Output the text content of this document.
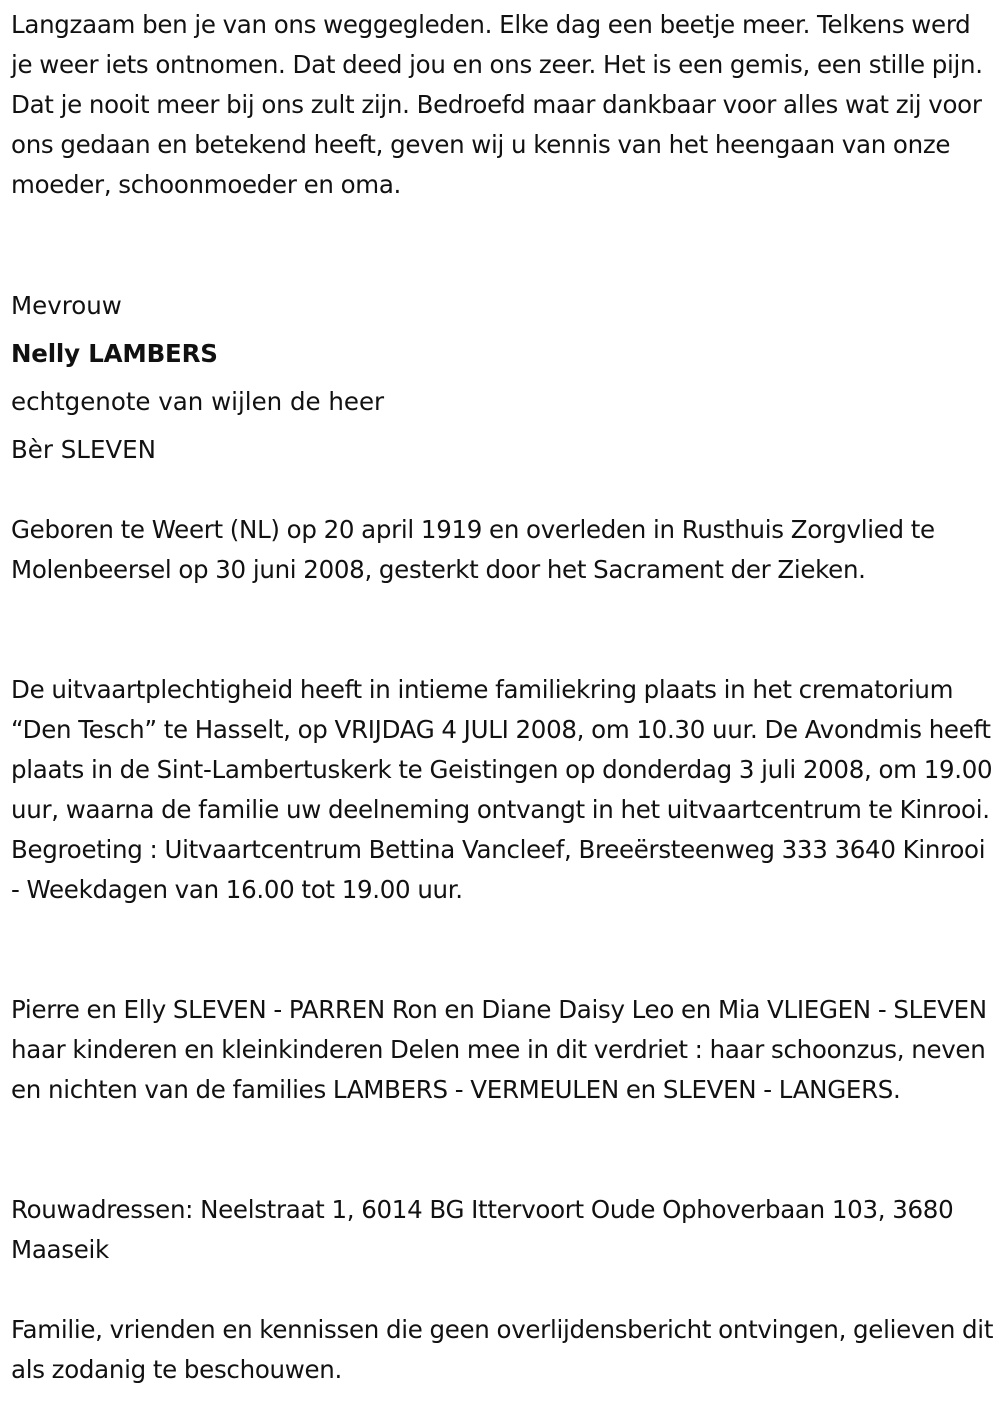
Langzaam ben je van ons weggegleden. Elke dag een beetje meer. Telkens werd je weer iets ontnomen. Dat deed jou en ons zeer. Het is een gemis, een stille pijn. Dat je nooit meer bij ons zult zijn. Bedroefd maar dankbaar voor alles wat zij voor ons gedaan en betekend heeft, geven wij u kennis van het heengaan van onze moeder, schoonmoeder en oma.

Mevrouw
Nelly LAMBERS
echtgenote van wijlen de heer
Bèr SLEVEN

Geboren te Weert (NL) op 20 april 1919 en overleden in Rusthuis Zorgvlied te Molenbeersel op 30 juni 2008, gesterkt door het Sacrament der Zieken.

De uitvaartplechtigheid heeft in intieme familiekring plaats in het crematorium “Den Tesch” te Hasselt, op VRIJDAG 4 JULI 2008, om 10.30 uur. De Avondmis heeft plaats in de Sint-Lambertuskerk te Geistingen op donderdag 3 juli 2008, om 19.00 uur, waarna de familie uw deelneming ontvangt in het uitvaartcentrum te Kinrooi. Begroeting : Uitvaartcentrum Bettina Vancleef, Breeërsteenweg 333 3640 Kinrooi - Weekdagen van 16.00 tot 19.00 uur.

Pierre en Elly SLEVEN - PARREN Ron en Diane Daisy Leo en Mia VLIEGEN - SLEVEN haar kinderen en kleinkinderen Delen mee in dit verdriet : haar schoonzus, neven en nichten van de families LAMBERS - VERMEULEN en SLEVEN - LANGERS.

Rouwadressen: Neelstraat 1, 6014 BG Ittervoort Oude Ophoverbaan 103, 3680 Maaseik

Familie, vrienden en kennissen die geen overlijdensbericht ontvingen, gelieven dit als zodanig te beschouwen.
